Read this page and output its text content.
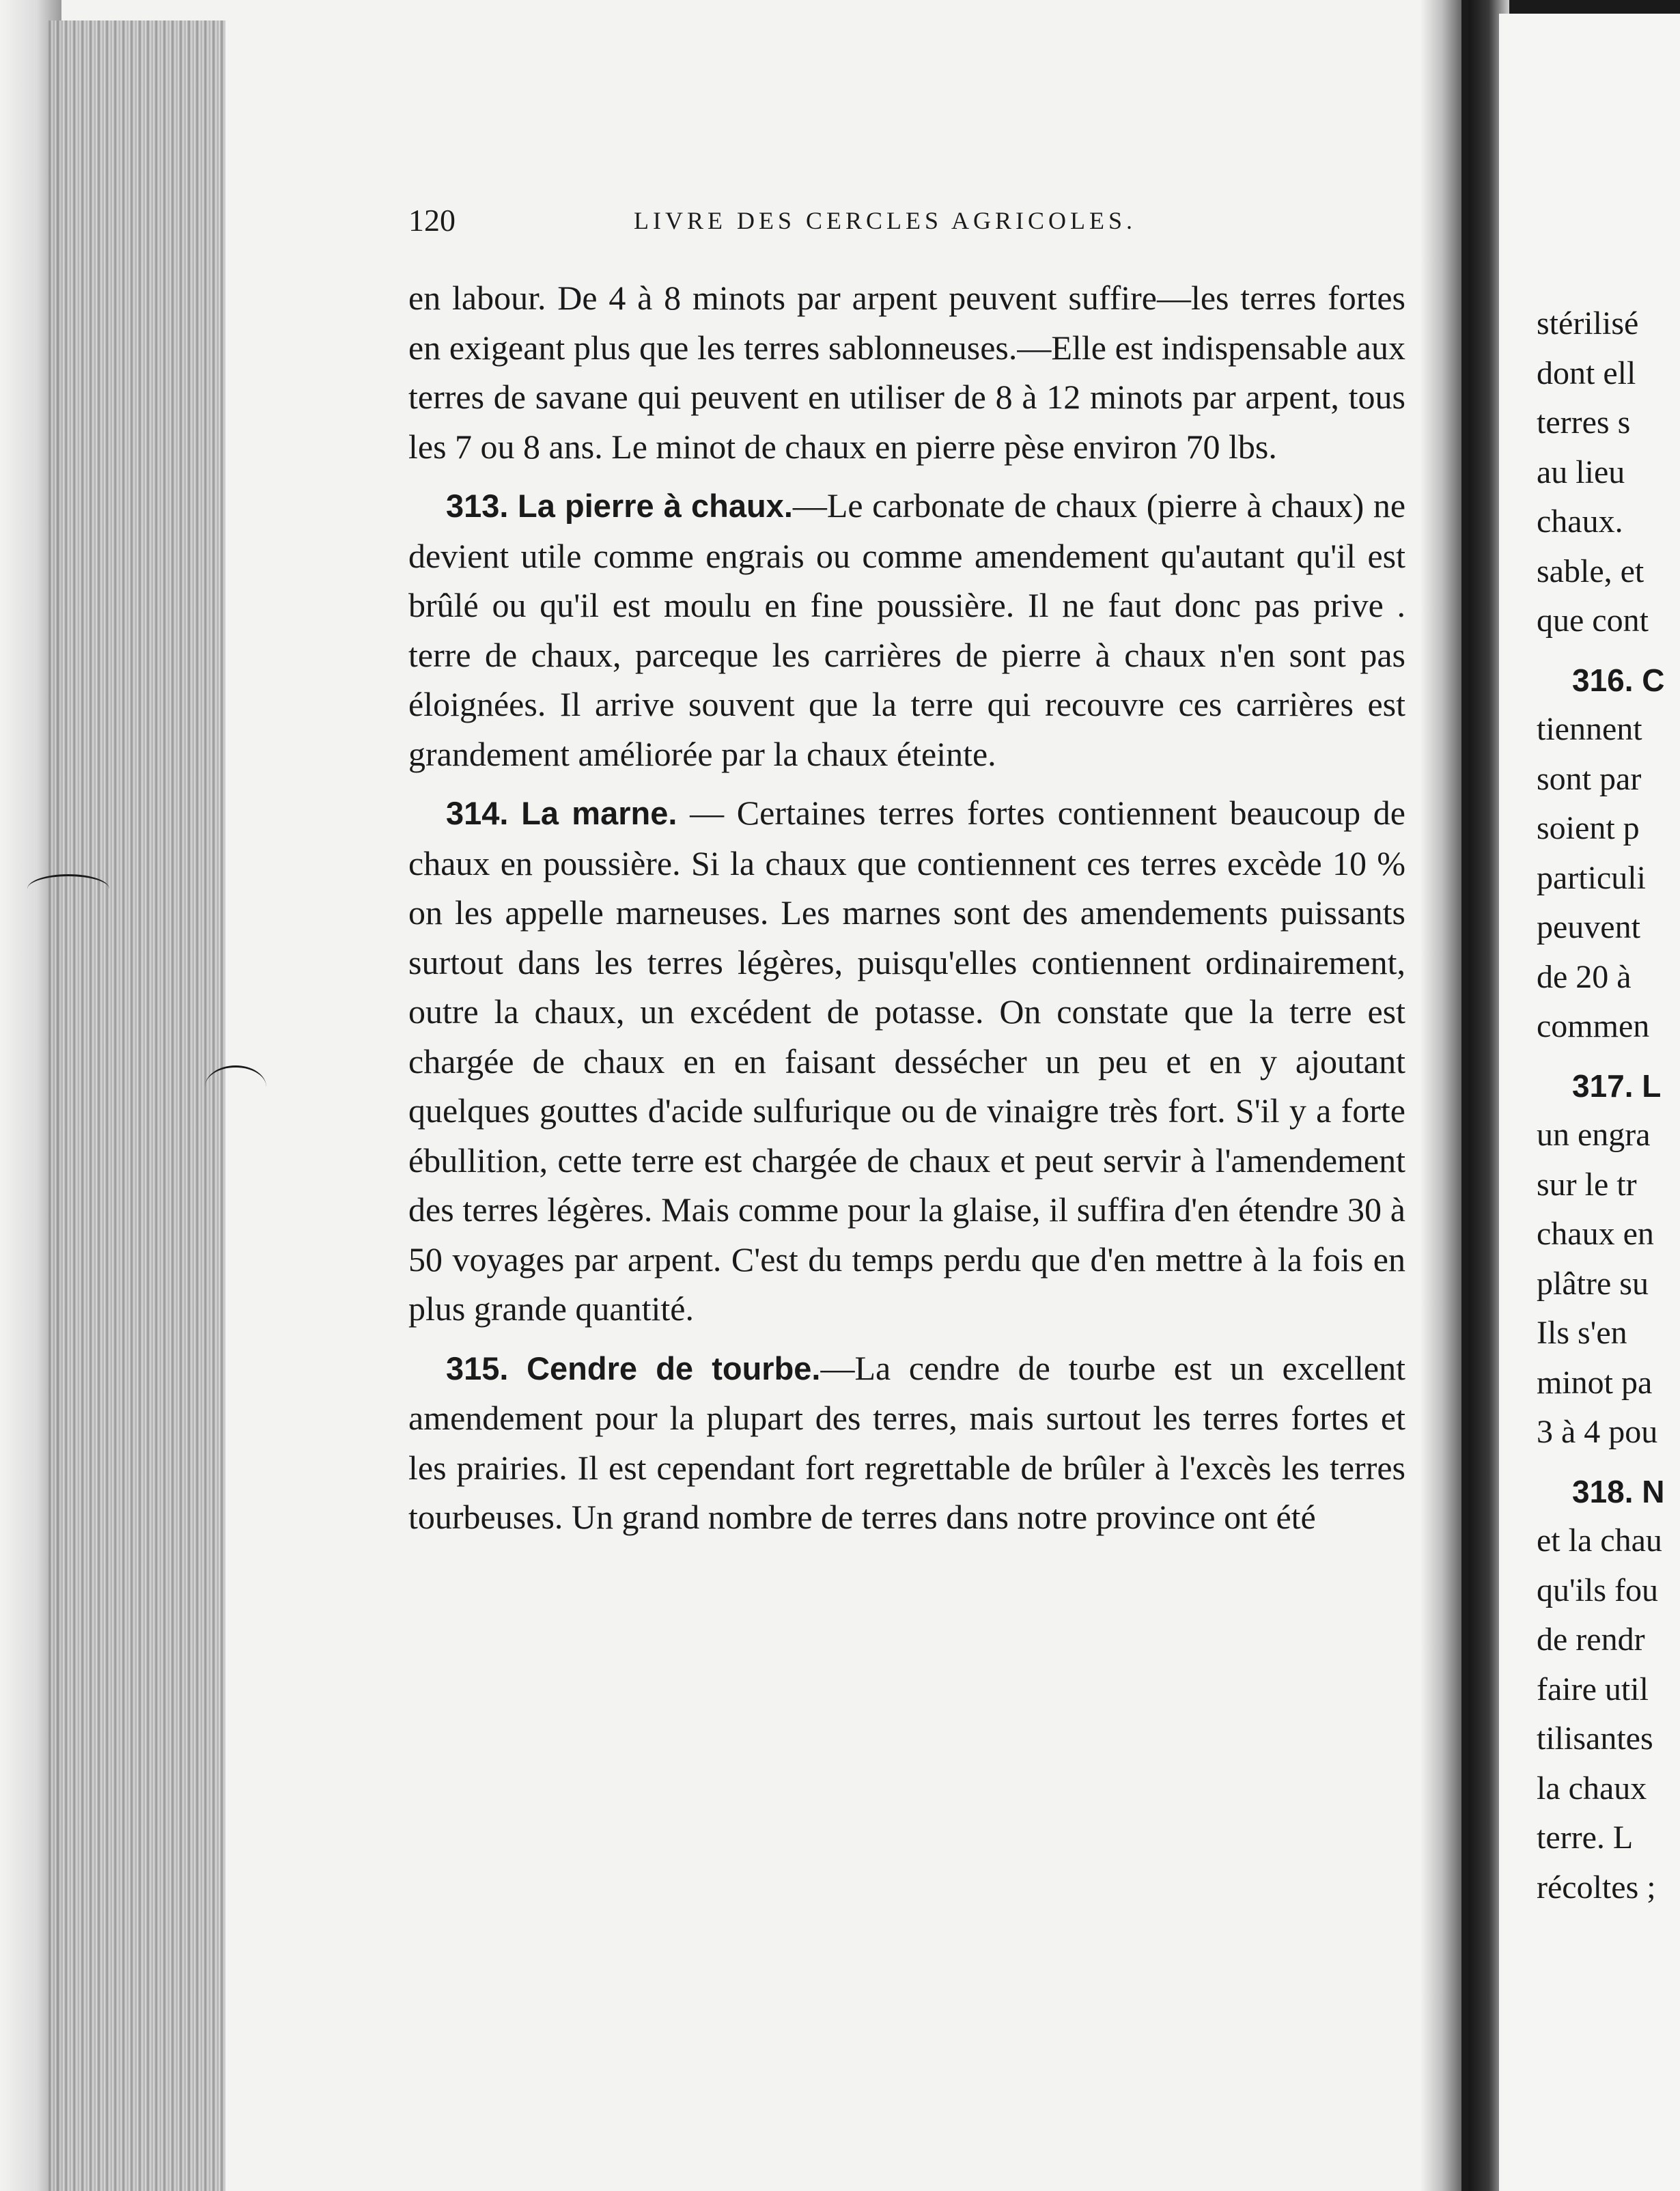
120	LIVRE DES CERCLES AGRICOLES.

en labour. De 4 à 8 minots par arpent peuvent suffire—les terres fortes en exigeant plus que les terres sablonneuses.—Elle est indispensable aux terres de savane qui peuvent en utiliser de 8 à 12 minots par arpent, tous les 7 ou 8 ans. Le minot de chaux en pierre pèse environ 70 lbs.

313. La pierre à chaux.—Le carbonate de chaux (pierre à chaux) ne devient utile comme engrais ou comme amendement qu'autant qu'il est brûlé ou qu'il est moulu en fine poussière. Il ne faut donc pas prive . terre de chaux, parceque les carrières de pierre à chaux n'en sont pas éloignées. Il arrive souvent que la terre qui recouvre ces carrières est grandement améliorée par la chaux éteinte.

314. La marne. — Certaines terres fortes contiennent beaucoup de chaux en poussière. Si la chaux que contiennent ces terres excède 10 % on les appelle marneuses. Les marnes sont des amendements puissants surtout dans les terres légères, puisqu'elles contiennent ordinairement, outre la chaux, un excédent de potasse. On constate que la terre est chargée de chaux en en faisant dessécher un peu et en y ajoutant quelques gouttes d'acide sulfurique ou de vinaigre très fort. S'il y a forte ébullition, cette terre est chargée de chaux et peut servir à l'amendement des terres légères. Mais comme pour la glaise, il suffira d'en étendre 30 à 50 voyages par arpent. C'est du temps perdu que d'en mettre à la fois en plus grande quantité.

315. Cendre de tourbe.—La cendre de tourbe est un excellent amendement pour la plupart des terres, mais surtout les terres fortes et les prairies. Il est cependant fort regrettable de brûler à l'excès les terres tourbeuses. Un grand nombre de terres dans notre province ont été

stérilisé
dont ell
terres s
au lieu
chaux.
sable, et
que cont
316. C
tiennent
sont par
soient p
particuli
peuvent
de 20 à
commen
317. L
un engra
sur le tr
chaux en
plâtre su
Ils s'en
minot pa
3 à 4 pou
318. N
et la chau
qu'ils fou
de rendr
faire util
tilisantes
la chaux
terre. L
récoltes ;
